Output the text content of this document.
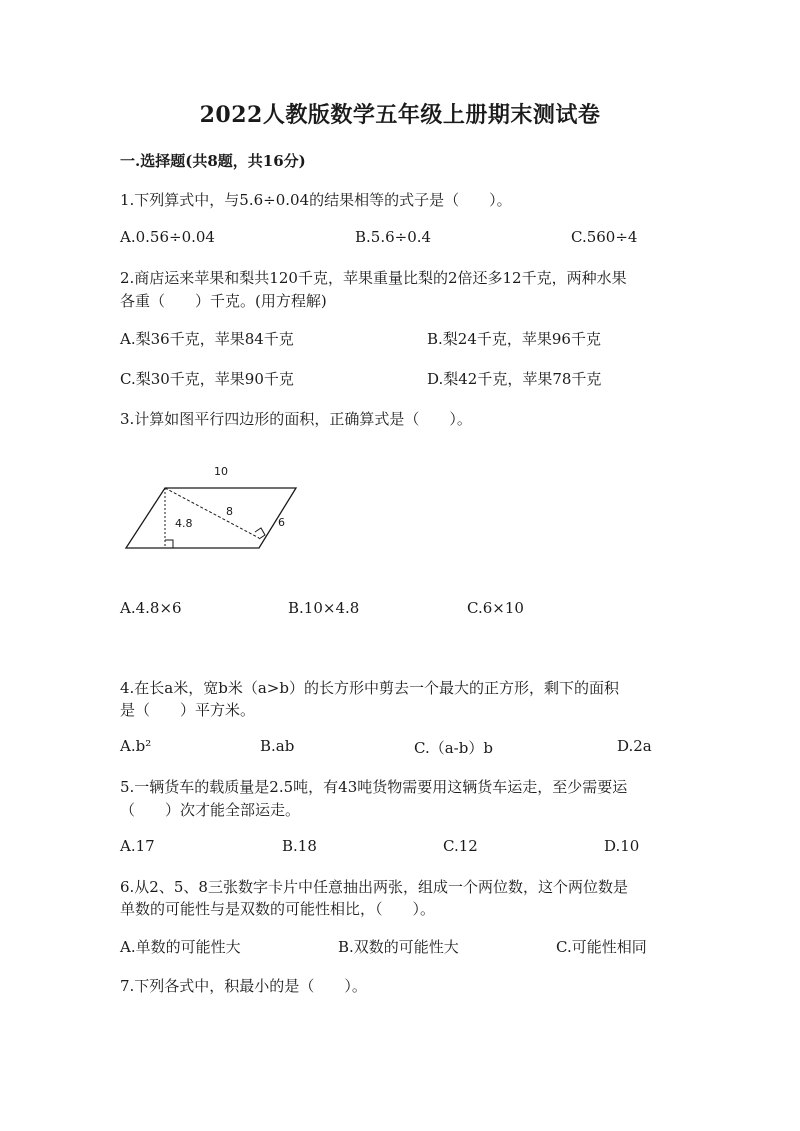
2022人教版数学五年级上册期末测试卷
一.选择题(共8题，共16分)
1.下列算式中，与5.6÷0.04的结果相等的式子是（　　）。
A.0.56÷0.04	B.5.6÷0.4	C.560÷4
2.商店运来苹果和梨共120千克，苹果重量比梨的2倍还多12千克，两种水果
各重（　　）千克。(用方程解)
A.梨36千克，苹果84千克	B.梨24千克，苹果96千克
C.梨30千克，苹果90千克	D.梨42千克，苹果78千克
3.计算如图平行四边形的面积，正确算式是（　　）。
10
8
4.8	6
A.4.8×6	B.10×4.8	C.6×10
4.在长a米，宽b米（a>b）的长方形中剪去一个最大的正方形，剩下的面积
是（　　）平方米。
A.b²	B.ab	C.（a-b）b	D.2a
5.一辆货车的载质量是2.5吨，有43吨货物需要用这辆货车运走，至少需要运
（　　）次才能全部运走。
A.17	B.18	C.12	D.10
6.从2、5、8三张数字卡片中任意抽出两张，组成一个两位数，这个两位数是
单数的可能性与是双数的可能性相比，（　　）。
A.单数的可能性大	B.双数的可能性大	C.可能性相同
7.下列各式中，积最小的是（　　）。
